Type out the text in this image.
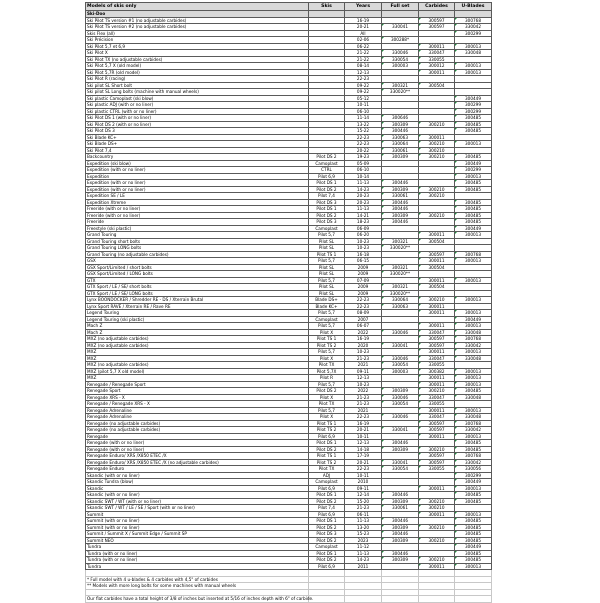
Models of skis only	Skis	Years	Full set	Carbides	U-Blades
Ski-Doo					
Ski Pilot TS version #1 (no adjustable carbides)		16-19		300597	300768
Ski Pilot TS version #2 (no adjustable carbides)		20-21	330041	300597	330042
Skis Flex (all)		All			300299
Ski Précision		02-06	300288*		
Ski Pilot 5,7 et 6,9		06-22		300011	300013
Ski Pilot X		21-22	330046	330047	330048
Ski Pilot TX (no adjustable carbides)		21-22	330054	330055	
Ski Pilot 5,7 X (old model)		08-14	300003	300012	300013
Ski Pilot 5,7R (old model)		12-13		300011	300013
Ski Pilot R (racing)		22-23			
Ski pilot SL Short bolt		09-22	300321	300504	
Ski pilot SL Long bolts (machine with manual wheels)		09-22	330020**		
Ski plastic Camoplast (ski blow)		05-12			300449
Ski plastic ADJ (with or no liner)		10-11			300299
Ski plastic CTRL (with or no liner)		06-10			300299
Ski Pilot DS 1 (with or no liner)		11-14	300646		300485
Ski Pilot DS 2 (with or no liner)		13-22	300309	300210	300485
Ski Pilot DS 3		15-22	300446		300485
Ski Blade KC+		22-23	330063	300011	
Ski Blade DS+		22-23	330064	300210	300013
Ski Pilot 7,4		20-22	330061	300210	
Backcountry	Pilot DS 2	19-23	300309	300210	300485
Expedition (ski blow)	Camoplast	05-09			300449
Expedition (with or no liner)	CTRL	06-10			300299
Expedition	Pilot 6,9	10-14			300013
Expedition (with or no liner)	Pilot DS 1	11-13	300446		300485
Expedition (with or no liner)	Pilot DS 2	14-23	300309	300210	300485
Expedition SE / LE	Pilot 7,4	20-23	330061	300210	
Expedition Xtreme	Pilot DS 3	20-23	300446		300485
Freeride (with or no liner)	Pilot DS 1	11-13	300446		300485
Freeride (with or no liner)	Pilot DS 2	14-21	300309	300210	300485
Freeride	Pilot DS 3	18-23	300446		300485
Freestyle (ski plastic)	Camoplast	06-09			300449
Grand Touring	Pilot 5,7	06-20		300011	300013
Grand Touring short bolts	Pilot SL	10-23	300321	300504	
Grand Touring LONG bolts	Pilot SL	10-23	330020**		
Grand Touring (no adjustable carbides)	Pilot TS 1	16-18		300597	300768
GSX	Pilot 5,7	06-15		300011	300013
GSX Sport/Limited / short bolts	Pilot SL	2009	300321	300504	
GSX Sport/Limited / LONG bolts	Pilot SL	2009	330020**		
GTX	Pilot 5,7	07-09		300011	300013
GTX Sport / LE / SE/ short bolts	Pilot SL	2009	300321	300504	
GTX Sport / LE / SE/ LONG bolts	Pilot SL	2009	330020**		
Lynx BOONDOCKER / Shredder RE - DS / Xterrain Brutal	Blade DS+	22-23	330064	300210	300013
Lynx Sport RAVE / Xterrain RE / Rave RE	Blade KC+	22-23	330063	300011	
Legend Touring	Pilot 5,7	08-09		300011	300013
Legend Touring (ski plastic)	Camoplast	2007			300449
Mach Z	Pilot 5,7	06-07		300011	300013
Mach Z	Pilot X	2022	330046	330047	330048
MXZ (no adjustable carbides)	Pilot TS 1	16-19		300597	300768
MXZ (no adjustable carbides)	Pilot TS 2	2020	330041	300597	330042
MXZ	Pilot 5,7	10-23		300011	300013
MXZ	Pilot X	21-23	330046	330047	330048
MXZ (no adjustable carbides)	Pilot TX	2021	330054	330055	
MXZ (pilot 5,7 X old model)	Pilot 5,7X	09-11	300003	300382	300013
MXZ	Pilot R	12-13		300011	300013
Renegade / Renegade Sport	Pilot 5,7	10-23		300011	300013
Renegade Sport	Pilot DS 2	2022	300309	300210	300485
Renegade XRS - X	Pilot X	21-23	330046	330047	330048
Renegade / Renegade XRS - X	Pilot TX	21-23	330054	330055	
Renegade Adrenaline	Pilot 5,7	2021		300011	300013
Renegade Adrenaline	Pilot X	22-23	330046	330047	330048
Renegade (no adjustable carbides)	Pilot TS 1	16-19		300597	300768
Renegade (no adjustable carbides)	Pilot TS 2	20-21	330041	300597	330042
Renegade	Pilot 6,9	10-11		300011	300013
Renegade (with or no liner)	Pilot DS 1	12-13	300446		300485
Renegade (with or no liner)	Pilot DS 2	14-18	300309	300210	300485
Renegade Enduro/ XRS /X850 ETEC /X	Pilot TS 1	17-19		300597	300768
Renegade Enduro/ XRS /X850 ETEC /X (no adjustable carbides)	Pilot TS 2	20-21	330041	300597	330042
Renegade Enduro	Pilot TX	22-23	330054	330055	330056
Skandic (with or no liner)	ADJ	10-11			300299
Skandic Tundra (blow)	Camoplast	2010			300449
Skandic	Pilot 6,9	09-11		300011	300013
Skandic (with or no liner)	Pilot DS 1	12-14	300446		300485
Skandic SWT / WT (with or no liner)	Pilot DS 2	15-20	300309	300210	300485
Skandic SWT / WT / LE / SE / Sport (with or no liner)	Pilot 7,4	21-23	330061	300210	
Summit	Pilot 6,9	06-11		300011	300013
Summit (with or no liner)	Pilot DS 1	11-13	300446		300485
Summit (with or no liner)	Pilot DS 2	13-20	300309	300210	300485
Summit / Summit X / Summit Edge / Summit SP	Pilot DS 3	15-23	300446		300485
Summit NEO	Pilot DS 2	2023	300309	300210	300485
Tundra	Camoplast	11-12			300449
Tundra (with or no liner)	Pilot DS 1	11-13	300446		300485
Tundra (with or no liner)	Pilot DS 2	14-23	300309	300210	300485
Tundra	Pilot 6,9	2011		300011	300013

* Full model with 4 u-blades & 4 carbides with 4,5" of carbides					
** Models with more long bolts for some machines with manual wheels					

Our flat carbides have a total height of 3/8 of inches but inserted at 5/16 of inches depth with 6" of carbide.					
